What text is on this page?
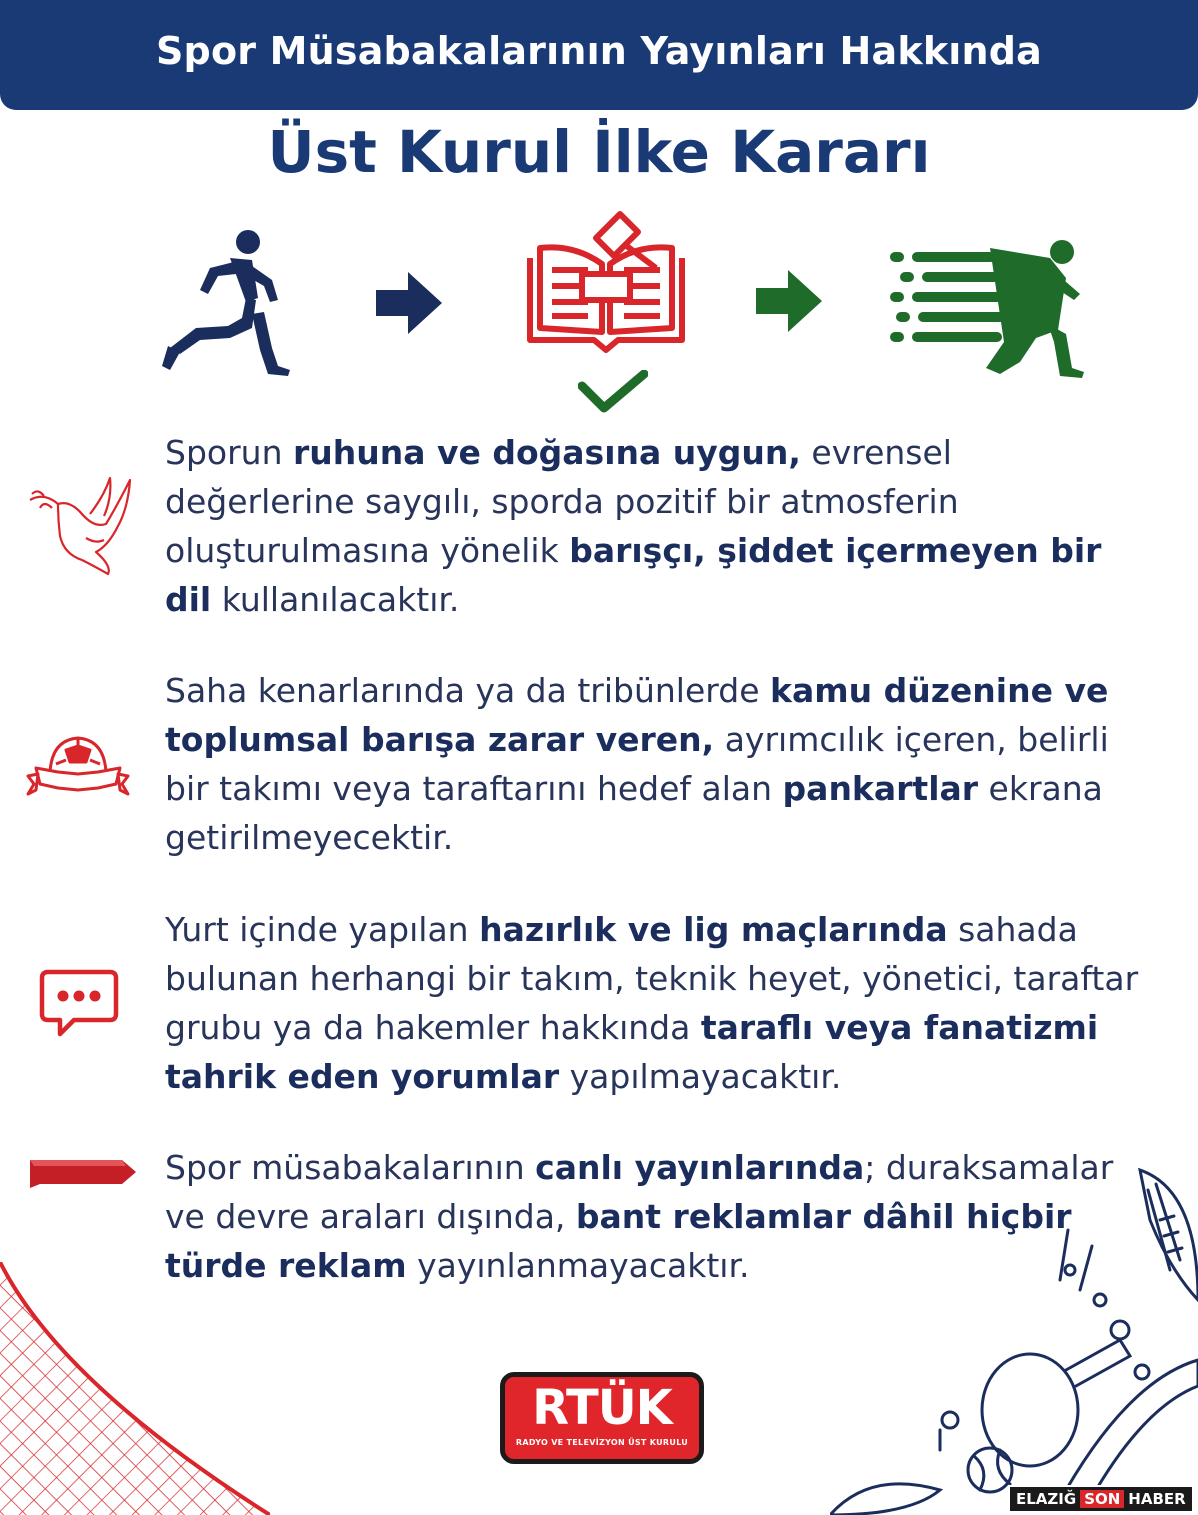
Spor Müsabakalarının Yayınları Hakkında
Üst Kurul İlke Kararı
Sporun ruhuna ve doğasına uygun, evrensel değerlerine saygılı, sporda pozitif bir atmosferin oluşturulmasına yönelik barışçı, şiddet içermeyen bir dil kullanılacaktır.
Saha kenarlarında ya da tribünlerde kamu düzenine ve toplumsal barışa zarar veren, ayrımcılık içeren, belirli bir takımı veya taraftarını hedef alan pankartlar ekrana getirilmeyecektir.
Yurt içinde yapılan hazırlık ve lig maçlarında sahada bulunan herhangi bir takım, teknik heyet, yönetici, taraftar grubu ya da hakemler hakkında taraflı veya fanatizmi tahrik eden yorumlar yapılmayacaktır.
Spor müsabakalarının canlı yayınlarında; duraksamalar ve devre araları dışında, bant reklamlar dâhil hiçbir türde reklam yayınlanmayacaktır.
RTÜK
RADYO VE TELEVİZYON ÜST KURULU
ELAZIĞ SON HABER
